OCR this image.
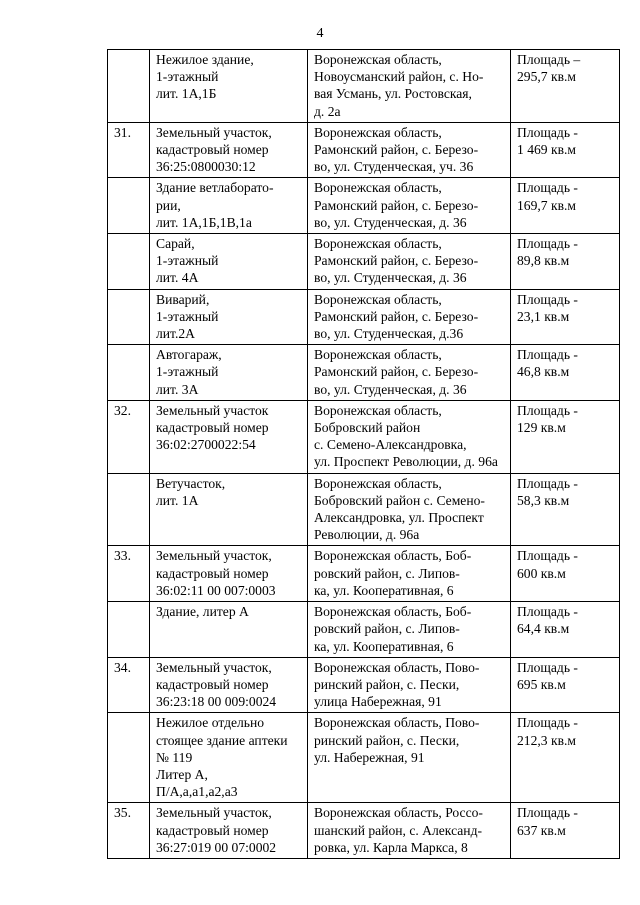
4
	Нежилое здание,
1-этажный
лит. 1А,1Б	Воронежская область,
Новоусманский район, с. Но-
вая Усмань, ул. Ростовская,
д. 2а	Площадь –
295,7 кв.м
31.	Земельный участок,
кадастровый номер
36:25:0800030:12	Воронежская область,
Рамонский район, с. Березо-
во, ул. Студенческая, уч. 36	Площадь -
1 469 кв.м
	Здание ветлаборато-
рии,
лит. 1А,1Б,1В,1а	Воронежская область,
Рамонский район, с. Березо-
во, ул. Студенческая, д. 36	Площадь -
169,7 кв.м
	Сарай,
1-этажный
лит. 4А	Воронежская область,
Рамонский район, с. Березо-
во, ул. Студенческая, д. 36	Площадь -
89,8 кв.м
	Виварий,
1-этажный
лит.2А	Воронежская область,
Рамонский район, с. Березо-
во, ул. Студенческая, д.36	Площадь -
23,1 кв.м
	Автогараж,
1-этажный
лит. 3А	Воронежская область,
Рамонский район, с. Березо-
во, ул. Студенческая, д. 36	Площадь -
46,8 кв.м
32.	Земельный участок
кадастровый номер
36:02:2700022:54	Воронежская область,
Бобровский район
с. Семено-Александровка,
ул. Проспект Революции, д. 96а	Площадь -
129 кв.м
	Ветучасток,
лит. 1А	Воронежская область,
Бобровский район с. Семено-
Александровка, ул. Проспект
Революции, д. 96а	Площадь -
58,3 кв.м
33.	Земельный участок,
кадастровый номер
36:02:11 00 007:0003	Воронежская область, Боб-
ровский район, с. Липов-
ка, ул. Кооперативная, 6	Площадь -
600 кв.м
	Здание, литер А	Воронежская область, Боб-
ровский район, с. Липов-
ка, ул. Кооперативная, 6	Площадь -
64,4 кв.м
34.	Земельный участок,
кадастровый номер
36:23:18 00 009:0024	Воронежская область, Пово-
ринский район, с. Пески,
улица Набережная, 91	Площадь -
695 кв.м
	Нежилое отдельно
стоящее здание аптеки
№ 119
Литер А,
П/А,а,а1,а2,а3	Воронежская область, Пово-
ринский район, с. Пески,
ул. Набережная, 91	Площадь -
212,3 кв.м
35.	Земельный участок,
кадастровый номер
36:27:019 00 07:0002	Воронежская область, Россо-
шанский район, с. Александ-
ровка, ул. Карла Маркса, 8	Площадь -
637 кв.м
